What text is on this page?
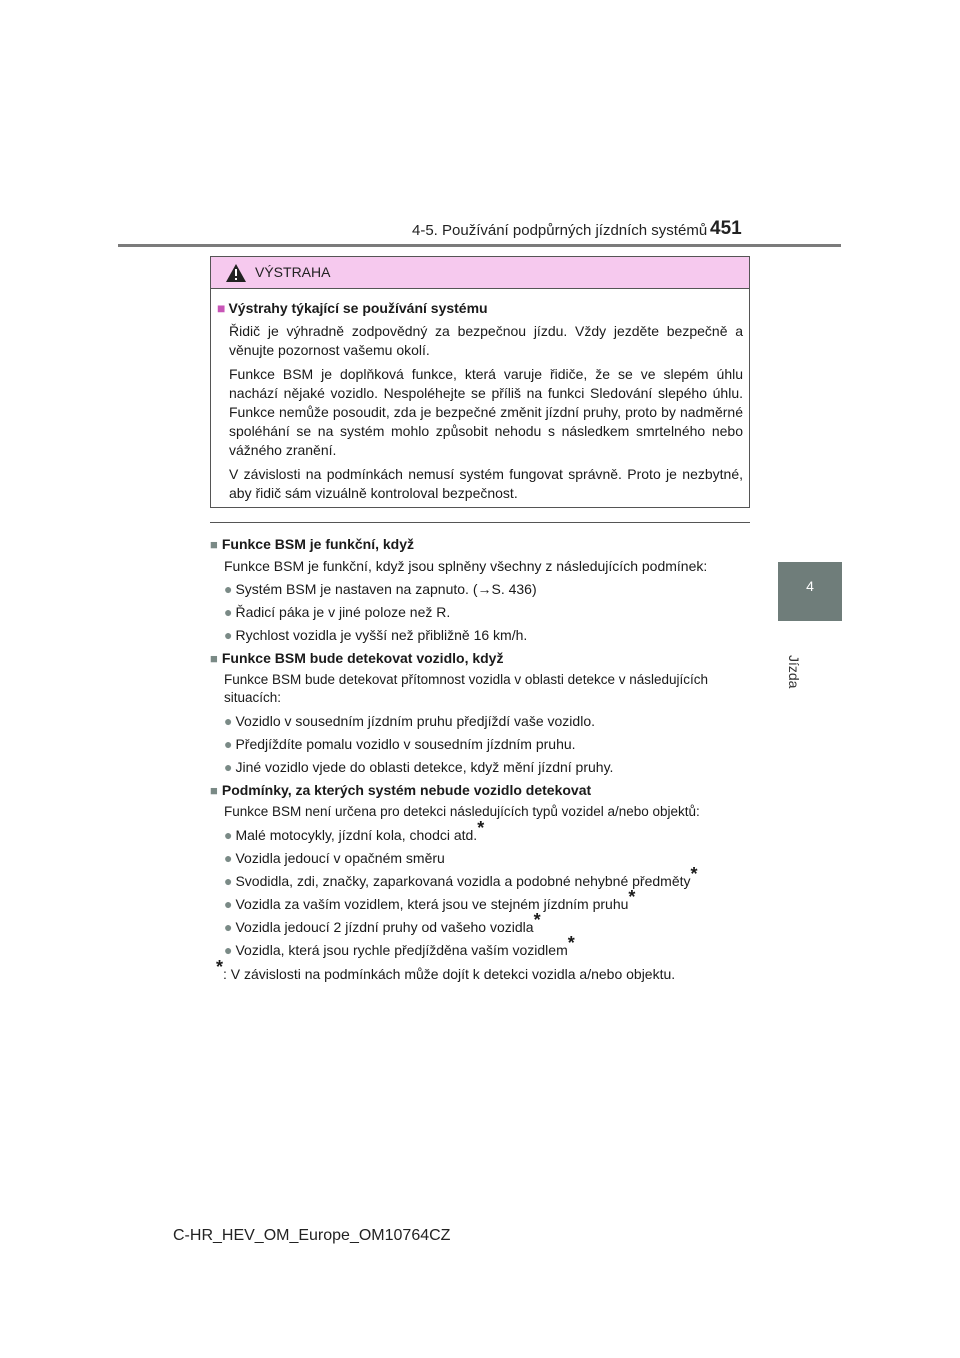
4-5. Používání podpůrných jízdních systémů 451
4
Jízda
VÝSTRAHA
■ Výstrahy týkající se používání systému
Řidič je výhradně zodpovědný za bezpečnou jízdu. Vždy jezděte bezpečně a věnujte pozornost vašemu okolí.
Funkce BSM je doplňková funkce, která varuje řidiče, že se ve slepém úhlu nachází nějaké vozidlo. Nespoléhejte se příliš na funkci Sledování slepého úhlu. Funkce nemůže posoudit, zda je bezpečné změnit jízdní pruhy, proto by nadměrné spoléhání se na systém mohlo způsobit nehodu s následkem smrtelného nebo vážného zranění.
V závislosti na podmínkách nemusí systém fungovat správně. Proto je nezbytné, aby řidič sám vizuálně kontroloval bezpečnost.
■ Funkce BSM je funkční, když
Funkce BSM je funkční, když jsou splněny všechny z následujících podmínek:
● Systém BSM je nastaven na zapnuto. (→S. 436)
● Řadicí páka je v jiné poloze než R.
● Rychlost vozidla je vyšší než přibližně 16 km/h.
■ Funkce BSM bude detekovat vozidlo, když
Funkce BSM bude detekovat přítomnost vozidla v oblasti detekce v následujících situacích:
● Vozidlo v sousedním jízdním pruhu předjíždí vaše vozidlo.
● Předjíždíte pomalu vozidlo v sousedním jízdním pruhu.
● Jiné vozidlo vjede do oblasti detekce, když mění jízdní pruhy.
■ Podmínky, za kterých systém nebude vozidlo detekovat
Funkce BSM není určena pro detekci následujících typů vozidel a/nebo objektů:
● Malé motocykly, jízdní kola, chodci atd.*
● Vozidla jedoucí v opačném směru
● Svodidla, zdi, značky, zaparkovaná vozidla a podobné nehybné předměty*
● Vozidla za vaším vozidlem, která jsou ve stejném jízdním pruhu*
● Vozidla jedoucí 2 jízdní pruhy od vašeho vozidla*
● Vozidla, která jsou rychle předjížděna vaším vozidlem*
*: V závislosti na podmínkách může dojít k detekci vozidla a/nebo objektu.
C-HR_HEV_OM_Europe_OM10764CZ
